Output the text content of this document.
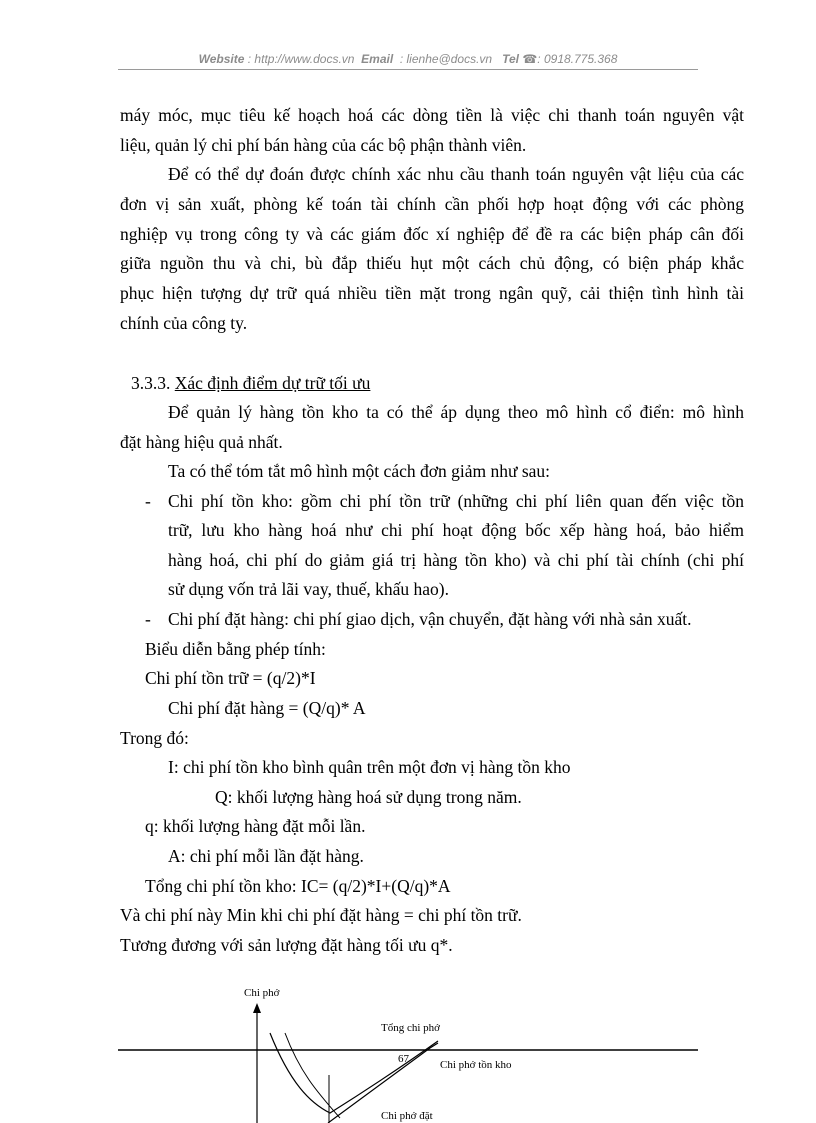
Website : http://www.docs.vn Email : lienhe@docs.vn Tel ☎: 0918.775.368
máy móc, mục tiêu kế hoạch hoá các dòng tiền là việc chi thanh toán nguyên vật
liệu, quản lý chi phí bán hàng của các bộ phận thành viên.
Để có thể dự đoán được chính xác nhu cầu thanh toán nguyên vật liệu của các
đơn vị sản xuất, phòng kế toán tài chính cần phối hợp hoạt động với các phòng
nghiệp vụ trong công ty và các giám đốc xí nghiệp để đề ra các biện pháp cân đối
giữa nguồn thu và chi, bù đắp thiếu hụt một cách chủ động, có biện pháp khắc
phục hiện tượng dự trữ quá nhiều tiền mặt trong ngân quỹ, cải thiện tình hình tài
chính của công ty.
3.3.3. Xác định điểm dự trữ tối ưu
Để quản lý hàng tồn kho ta có thể áp dụng theo mô hình cổ điển: mô hình
đặt hàng hiệu quả nhất.
Ta có thể tóm tắt mô hình một cách đơn giảm như sau:
- Chi phí tồn kho: gồm chi phí tồn trữ (những chi phí liên quan đến việc tồn
trữ, lưu kho hàng hoá như chi phí hoạt động bốc xếp hàng hoá, bảo hiểm
hàng hoá, chi phí do giảm giá trị hàng tồn kho) và chi phí tài chính (chi phí
sử dụng vốn trả lãi vay, thuế, khấu hao).
- Chi phí đặt hàng: chi phí giao dịch, vận chuyển, đặt hàng với nhà sản xuất.
Biểu diễn bằng phép tính:
Chi phí tồn trữ = (q/2)*I
Chi phí đặt hàng = (Q/q)* A
Trong đó:
I: chi phí tồn kho bình quân trên một đơn vị hàng tồn kho
Q: khối lượng hàng hoá sử dụng trong năm.
q: khối lượng hàng đặt mỗi lần.
A: chi phí mỗi lần đặt hàng.
Tổng chi phí tồn kho: IC= (q/2)*I+(Q/q)*A
Và chi phí này Min khi chi phí đặt hàng = chi phí tồn trữ.
Tương đương với sản lượng đặt hàng tối ưu q*.
Chi phớ
Tổng chi phớ
67	Chi phớ tồn kho
Chi phớ đặt
